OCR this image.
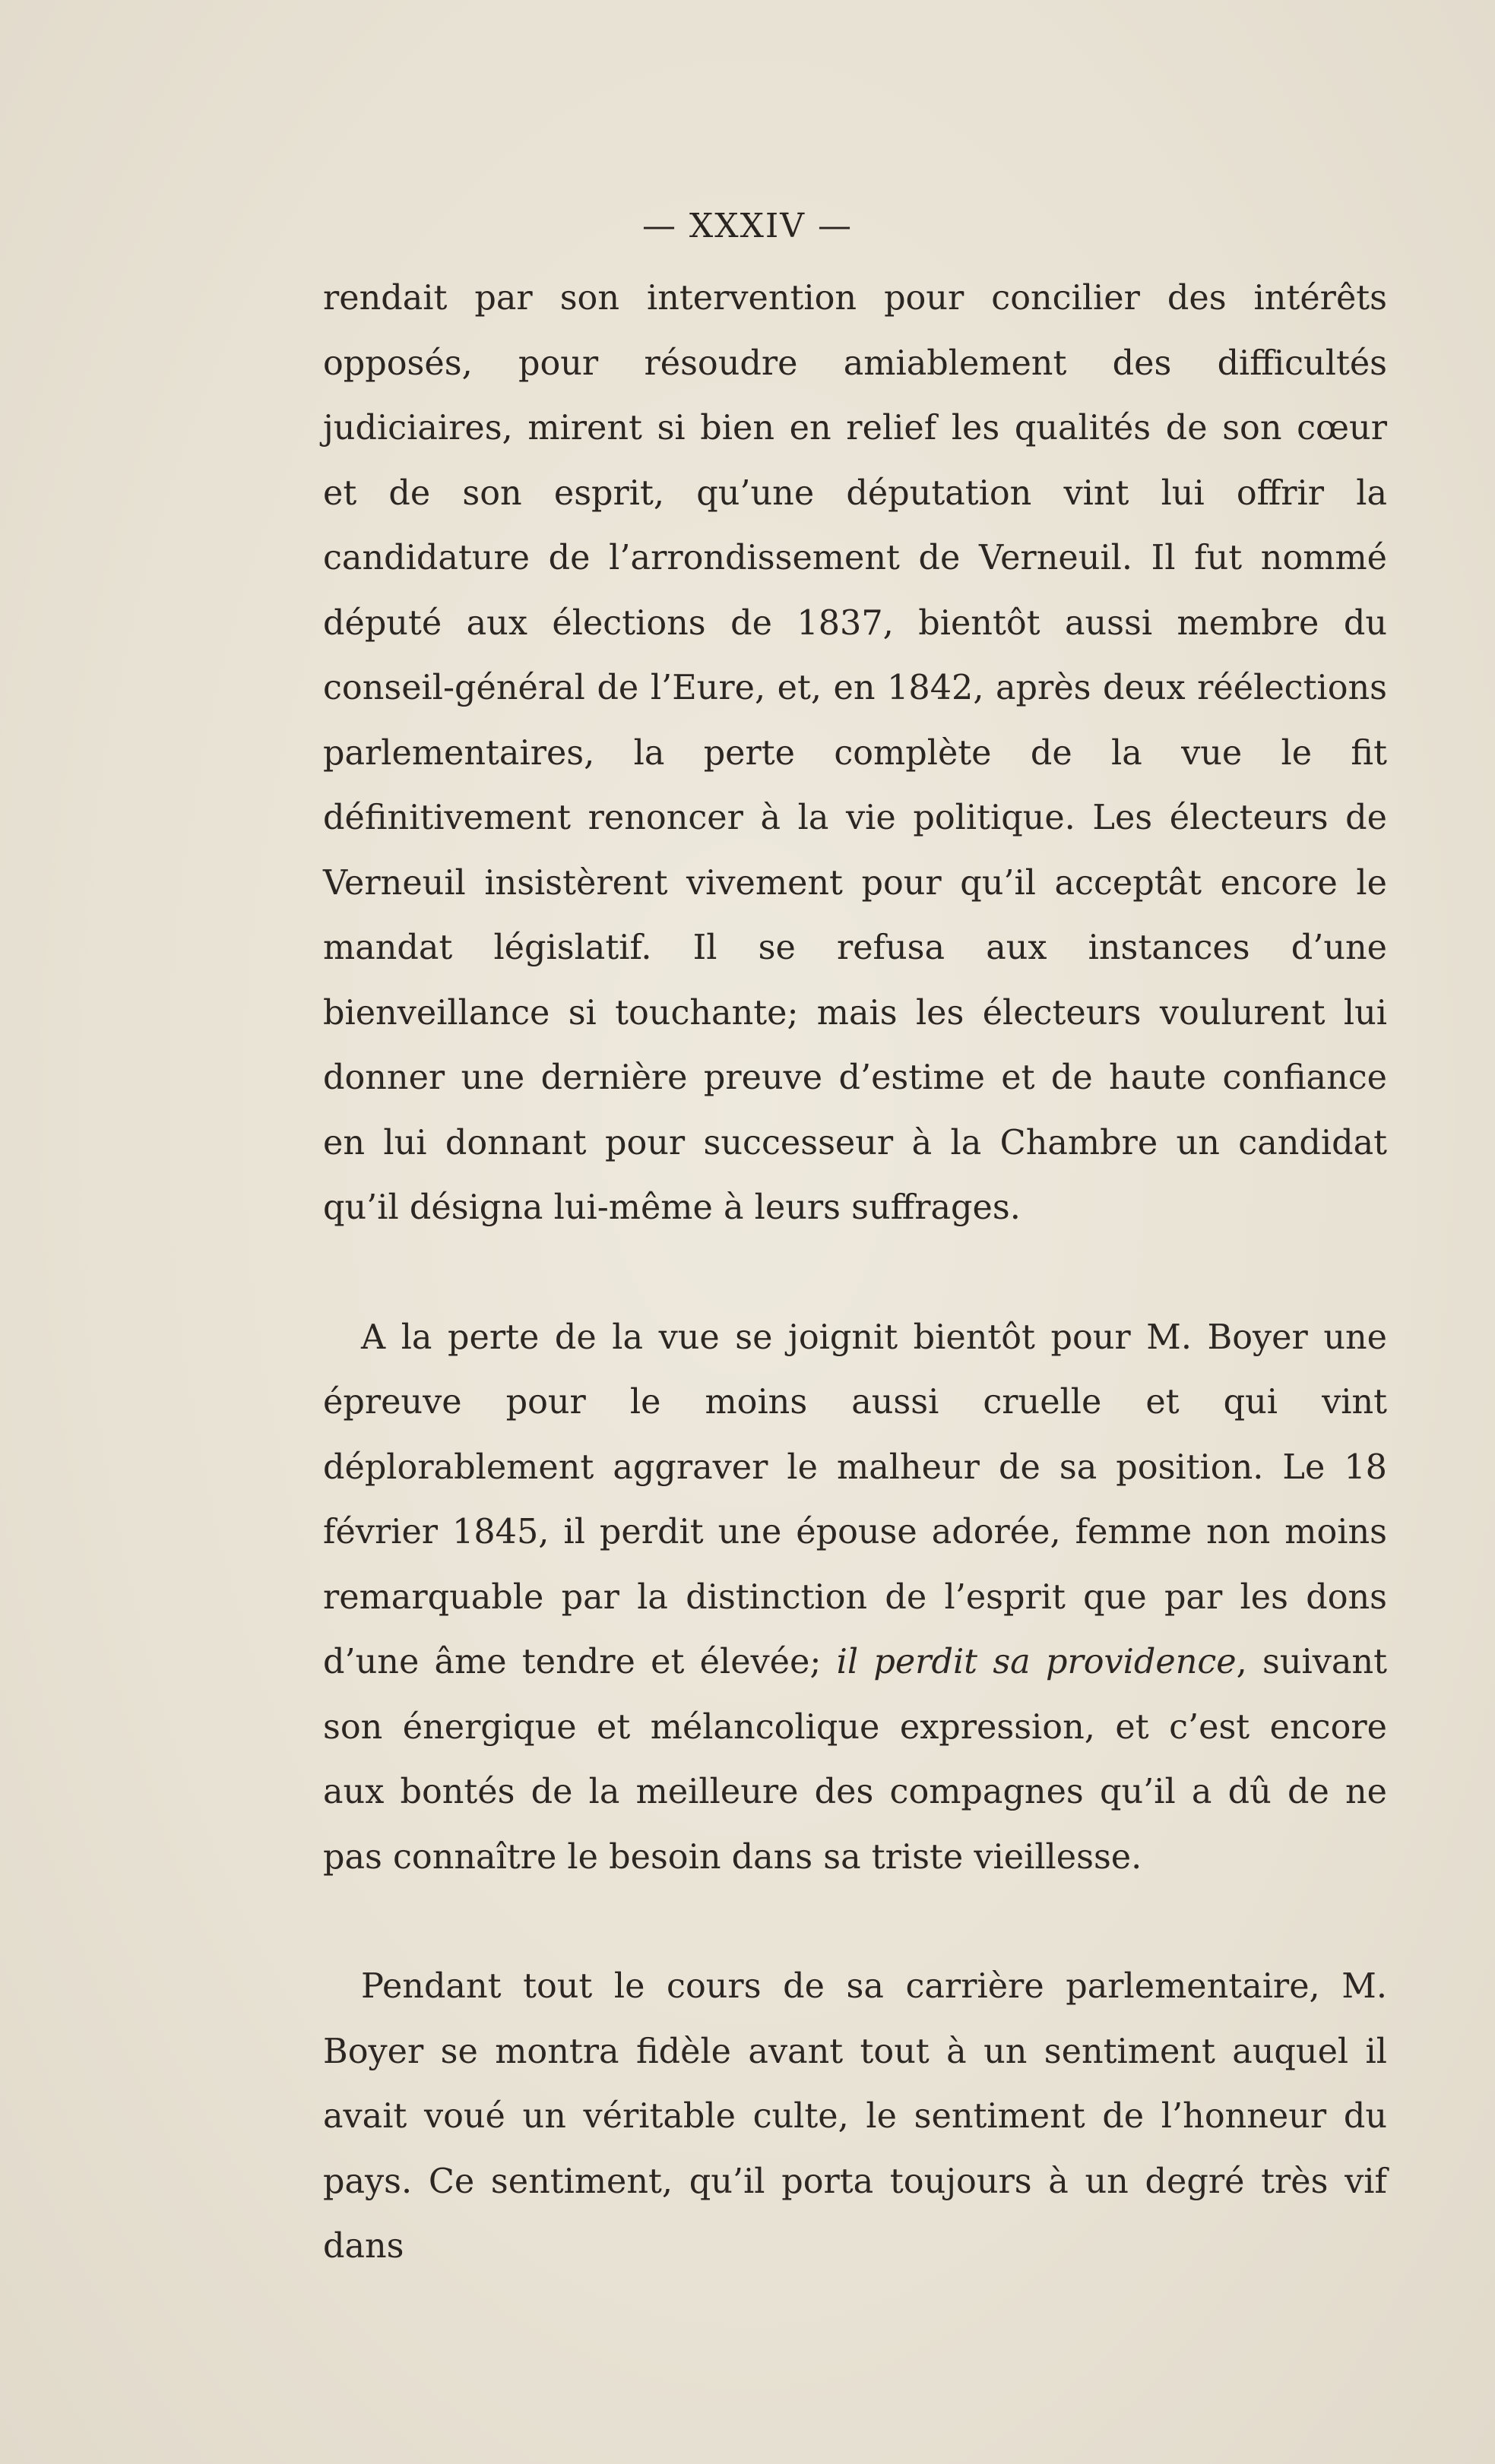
— XXXIV —

rendait par son intervention pour concilier des intérêts opposés, pour résoudre amiablement des difficultés judiciaires, mirent si bien en relief les qualités de son cœur et de son esprit, qu’une députation vint lui offrir la candidature de l’arrondissement de Verneuil. Il fut nommé député aux élections de 1837, bientôt aussi membre du conseil-général de l’Eure, et, en 1842, après deux réélections parlementaires, la perte complète de la vue le fit définitivement renoncer à la vie politique. Les électeurs de Verneuil insistèrent vivement pour qu’il acceptât encore le mandat législatif. Il se refusa aux instances d’une bienveillance si touchante; mais les électeurs voulurent lui donner une dernière preuve d’estime et de haute confiance en lui donnant pour successeur à la Chambre un candidat qu’il désigna lui-même à leurs suffrages.

A la perte de la vue se joignit bientôt pour M. Boyer une épreuve pour le moins aussi cruelle et qui vint déplorablement aggraver le malheur de sa position. Le 18 février 1845, il perdit une épouse adorée, femme non moins remarquable par la distinction de l’esprit que par les dons d’une âme tendre et élevée; il perdit sa providence, suivant son énergique et mélancolique expression, et c’est encore aux bontés de la meilleure des compagnes qu’il a dû de ne pas connaître le besoin dans sa triste vieillesse.

Pendant tout le cours de sa carrière parlementaire, M. Boyer se montra fidèle avant tout à un sentiment auquel il avait voué un véritable culte, le sentiment de l’honneur du pays. Ce sentiment, qu’il porta toujours à un degré très vif dans
